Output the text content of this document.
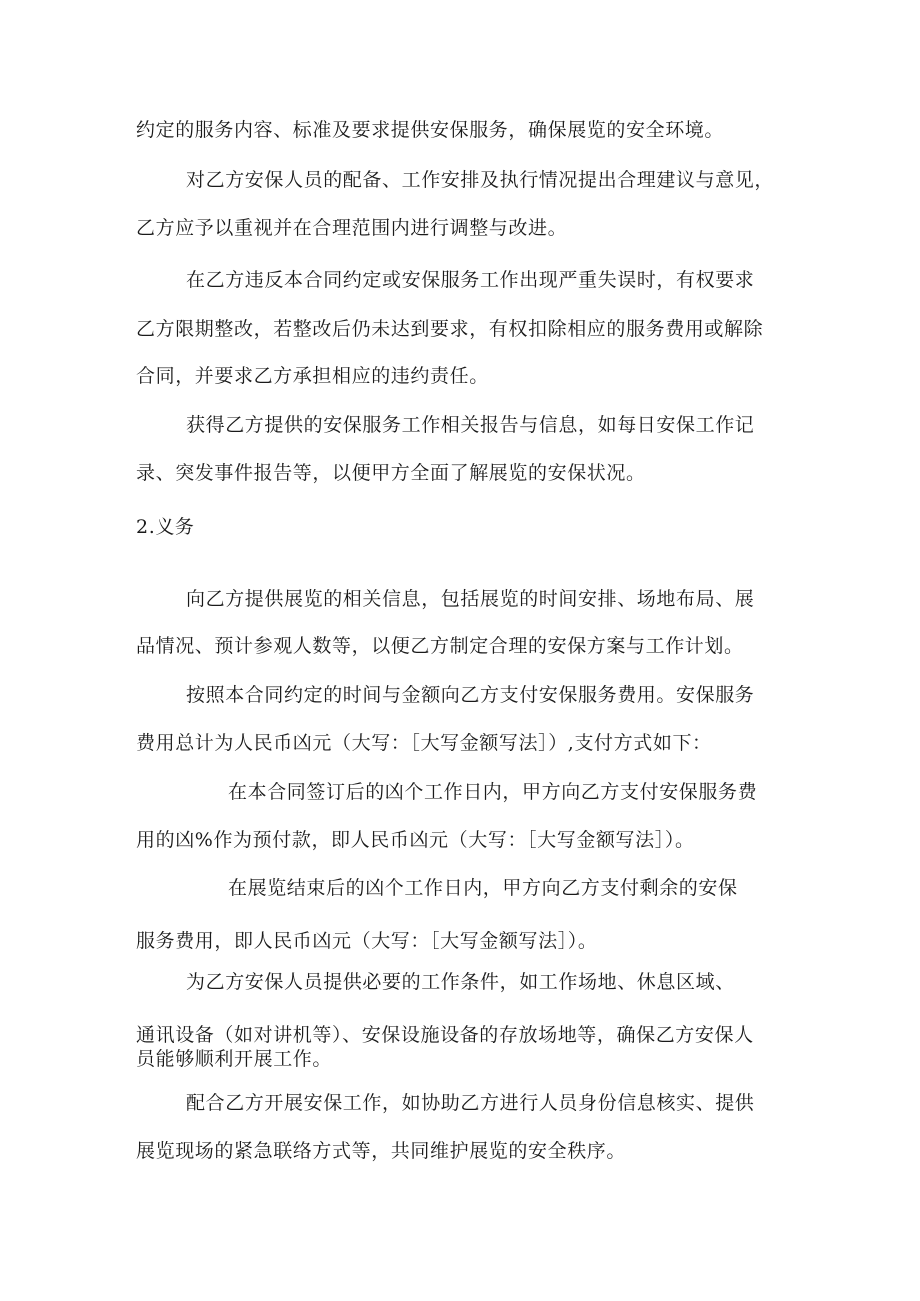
约定的服务内容、标准及要求提供安保服务，确保展览的安全环境。
对乙方安保人员的配备、工作安排及执行情况提出合理建议与意见，
乙方应予以重视并在合理范围内进行调整与改进。
在乙方违反本合同约定或安保服务工作出现严重失误时，有权要求
乙方限期整改，若整改后仍未达到要求，有权扣除相应的服务费用或解除
合同，并要求乙方承担相应的违约责任。
获得乙方提供的安保服务工作相关报告与信息，如每日安保工作记
录、突发事件报告等，以便甲方全面了解展览的安保状况。
2.义务
向乙方提供展览的相关信息，包括展览的时间安排、场地布局、展
品情况、预计参观人数等，以便乙方制定合理的安保方案与工作计划。
按照本合同约定的时间与金额向乙方支付安保服务费用。安保服务
费用总计为人民币凶元（大写：［大写金额写法］）,支付方式如下：
在本合同签订后的凶个工作日内，甲方向乙方支付安保服务费
用的凶%作为预付款，即人民币凶元（大写：［大写金额写法］）。
在展览结束后的凶个工作日内，甲方向乙方支付剩余的安保
服务费用，即人民币凶元（大写：［大写金额写法］）。
为乙方安保人员提供必要的工作条件，如工作场地、休息区域、
通讯设备（如对讲机等）、安保设施设备的存放场地等，确保乙方安保人
员能够顺利开展工作。
配合乙方开展安保工作，如协助乙方进行人员身份信息核实、提供
展览现场的紧急联络方式等，共同维护展览的安全秩序。
